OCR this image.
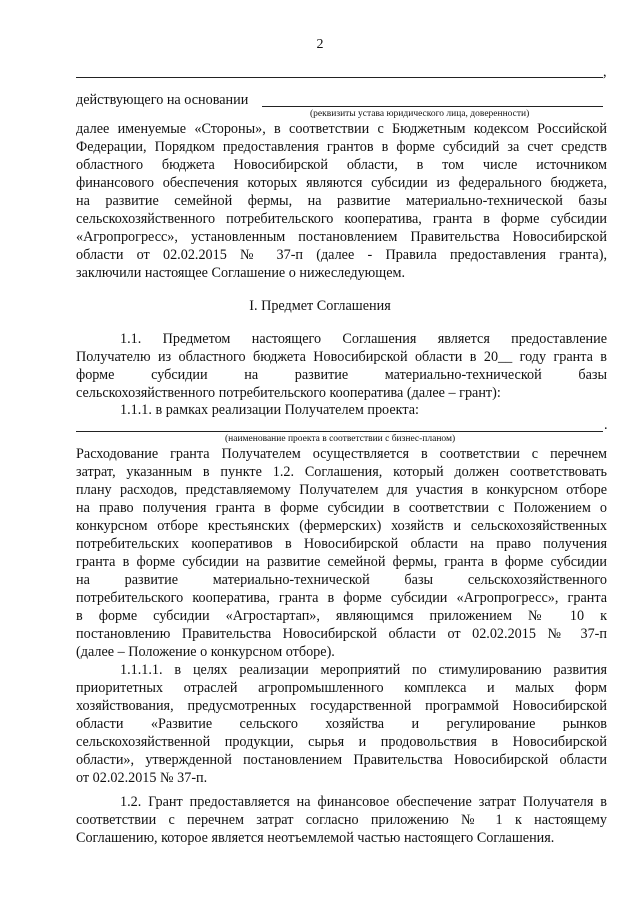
2
,
действующего на основании
(реквизиты устава юридического лица, доверенности)
далее именуемые «Стороны», в соответствии с Бюджетным кодексом Российской
Федерации, Порядком предоставления грантов в форме субсидий за счет средств
областного бюджета Новосибирской области, в том числе источником
финансового обеспечения которых являются субсидии из федерального бюджета,
на развитие семейной фермы, на развитие материально-технической базы
сельскохозяйственного потребительского кооператива, гранта в форме субсидии
«Агропрогресс», установленным постановлением Правительства Новосибирской
области от 02.02.2015 № 37-п (далее - Правила предоставления гранта),
заключили настоящее Соглашение о нижеследующем.
I. Предмет Соглашения
1.1. Предметом настоящего Соглашения является предоставление
Получателю из областного бюджета Новосибирской области в 20__ году гранта в
форме субсидии на развитие материально-технической базы
сельскохозяйственного потребительского кооператива (далее – грант):
1.1.1. в рамках реализации Получателем проекта:
.
(наименование проекта в соответствии с бизнес-планом)
Расходование гранта Получателем осуществляется в соответствии с перечнем
затрат, указанным в пункте 1.2. Соглашения, который должен соответствовать
плану расходов, представляемому Получателем для участия в конкурсном отборе
на право получения гранта в форме субсидии в соответствии с Положением о
конкурсном отборе крестьянских (фермерских) хозяйств и сельскохозяйственных
потребительских кооперативов в Новосибирской области на право получения
гранта в форме субсидии на развитие семейной фермы, гранта в форме субсидии
на развитие материально-технической базы сельскохозяйственного
потребительского кооператива, гранта в форме субсидии «Агропрогресс», гранта
в форме субсидии «Агростартап», являющимся приложением № 10 к
постановлению Правительства Новосибирской области от 02.02.2015 № 37-п
(далее – Положение о конкурсном отборе).
1.1.1.1. в целях реализации мероприятий по стимулированию развития
приоритетных отраслей агропромышленного комплекса и малых форм
хозяйствования, предусмотренных государственной программой Новосибирской
области «Развитие сельского хозяйства и регулирование рынков
сельскохозяйственной продукции, сырья и продовольствия в Новосибирской
области», утвержденной постановлением Правительства Новосибирской области
от 02.02.2015 № 37-п.
1.2. Грант предоставляется на финансовое обеспечение затрат Получателя в
соответствии с перечнем затрат согласно приложению № 1 к настоящему
Соглашению, которое является неотъемлемой частью настоящего Соглашения.
